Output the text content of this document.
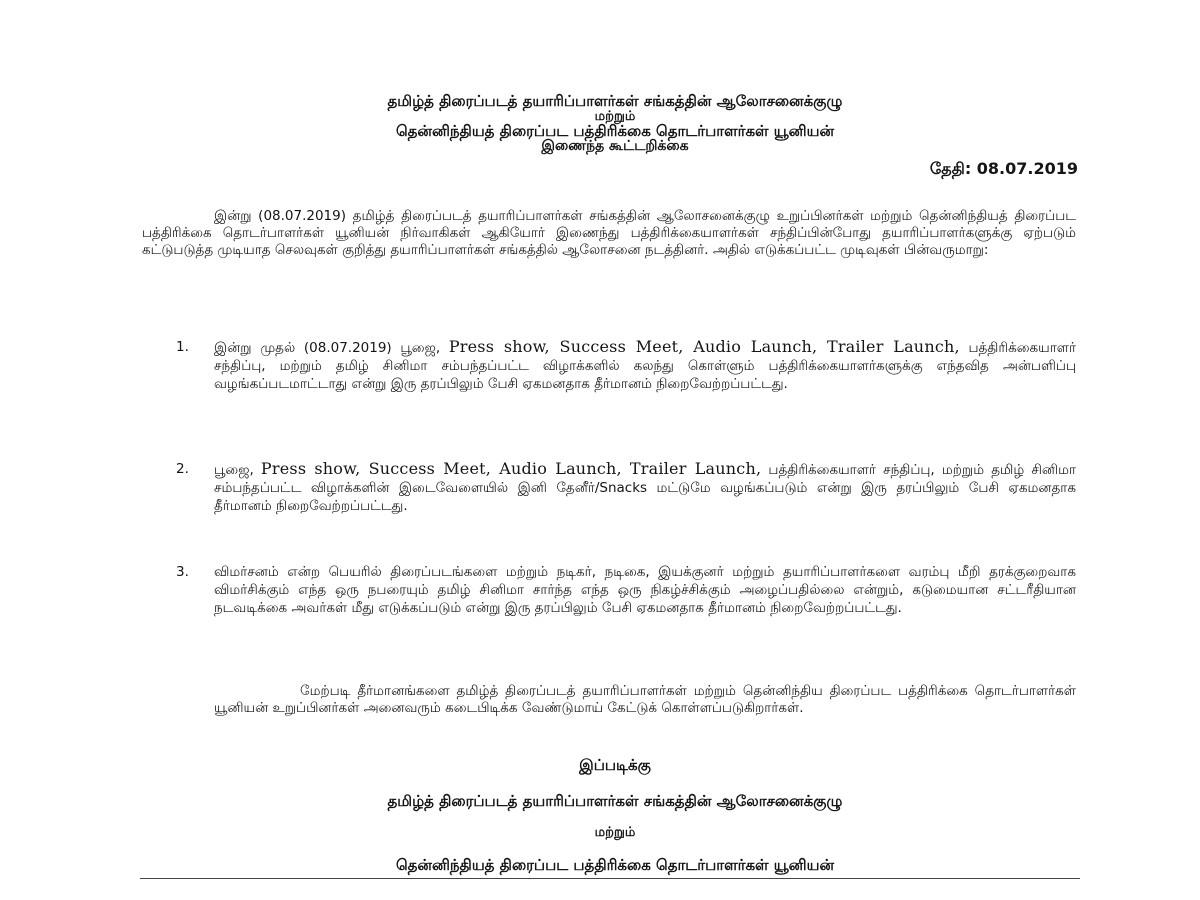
தமிழ்த் திரைப்படத் தயாரிப்பாளர்கள் சங்கத்தின் ஆலோசனைக்குழு
மற்றும்
தென்னிந்தியத் திரைப்பட பத்திரிக்கை தொடர்பாளர்கள் யூனியன்
இணைந்த கூட்டறிக்கை
தேதி: 08.07.2019
இன்று (08.07.2019) தமிழ்த் திரைப்படத் தயாரிப்பாளர்கள் சங்கத்தின் ஆலோசனைக்குழு உறுப்பினர்கள் மற்றும் தென்னிந்தியத் திரைப்பட பத்திரிக்கை தொடர்பாளர்கள் யூனியன் நிர்வாகிகள் ஆகியோர் இணைந்து பத்திரிக்கையாளர்கள் சந்திப்பின்போது தயாரிப்பாளர்களுக்கு ஏற்படும் கட்டுபடுத்த முடியாத செலவுகள் குறித்து தயாரிப்பாளர்கள் சங்கத்தில் ஆலோசனை நடத்தினர். அதில் எடுக்கப்பட்ட முடிவுகள் பின்வருமாறு:
1. இன்று முதல் (08.07.2019) பூஜை, Press show, Success Meet, Audio Launch, Trailer Launch, பத்திரிக்கையாளர் சந்திப்பு, மற்றும் தமிழ் சினிமா சம்பந்தப்பட்ட விழாக்களில் கலந்து கொள்ளும் பத்திரிக்கையாளர்களுக்கு எந்தவித அன்பளிப்பு வழங்கப்படமாட்டாது என்று இரு தரப்பிலும் பேசி ஏகமனதாக தீர்மானம் நிறைவேற்றப்பட்டது.
2. பூஜை, Press show, Success Meet, Audio Launch, Trailer Launch, பத்திரிக்கையாளர் சந்திப்பு, மற்றும் தமிழ் சினிமா சம்பந்தப்பட்ட விழாக்களின் இடைவேளையில் இனி தேனீர்/Snacks மட்டுமே வழங்கப்படும் என்று இரு தரப்பிலும் பேசி ஏகமனதாக தீர்மானம் நிறைவேற்றப்பட்டது.
3. விமர்சனம் என்ற பெயரில் திரைப்படங்களை மற்றும் நடிகர், நடிகை, இயக்குனர் மற்றும் தயாரிப்பாளர்களை வரம்பு மீறி தரக்குறைவாக விமர்சிக்கும் எந்த ஒரு நபரையும் தமிழ் சினிமா சார்ந்த எந்த ஒரு நிகழ்ச்சிக்கும் அழைப்பதில்லை என்றும், கடுமையான சட்டரீதியான நடவடிக்கை அவர்கள் மீது எடுக்கப்படும் என்று இரு தரப்பிலும் பேசி ஏகமனதாக தீர்மானம் நிறைவேற்றப்பட்டது.
மேற்படி தீர்மானங்களை தமிழ்த் திரைப்படத் தயாரிப்பாளர்கள் மற்றும் தென்னிந்திய திரைப்பட பத்திரிக்கை தொடர்பாளர்கள் யூனியன் உறுப்பினர்கள் அனைவரும் கடைபிடிக்க வேண்டுமாய் கேட்டுக் கொள்ளப்படுகிறார்கள்.
இப்படிக்கு
தமிழ்த் திரைப்படத் தயாரிப்பாளர்கள் சங்கத்தின் ஆலோசனைக்குழு
மற்றும்
தென்னிந்தியத் திரைப்பட பத்திரிக்கை தொடர்பாளர்கள் யூனியன்
